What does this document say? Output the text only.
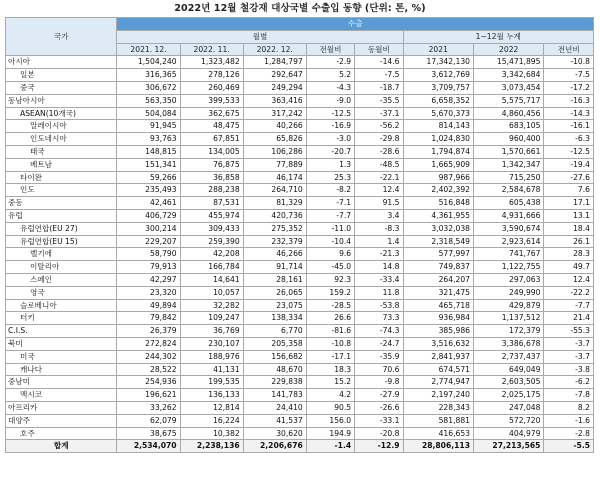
2022년 12월 철강재 대상국별 수출입 동향 (단위: 톤, %)
국가	수출							
	월별					1~12월 누계		
	2021. 12.	2022. 11.	2022. 12.	전월비	동월비	2021	2022	전년비
아시아	1,504,240	1,323,482	1,284,797	-2.9	-14.6	17,342,130	15,471,895	-10.8
일본	316,365	278,126	292,647	5.2	-7.5	3,612,769	3,342,684	-7.5
중국	306,672	260,469	249,294	-4.3	-18.7	3,709,757	3,073,454	-17.2
동남아시아	563,350	399,533	363,416	-9.0	-35.5	6,658,352	5,575,717	-16.3
ASEAN(10개국)	504,084	362,675	317,242	-12.5	-37.1	5,670,373	4,860,456	-14.3
말레이시아	91,945	48,475	40,266	-16.9	-56.2	814,143	683,105	-16.1
인도네시아	93,763	67,851	65,826	-3.0	-29.8	1,024,830	960,400	-6.3
태국	148,815	134,005	106,286	-20.7	-28.6	1,794,874	1,570,661	-12.5
베트남	151,341	76,875	77,889	1.3	-48.5	1,665,909	1,342,347	-19.4
타이완	59,266	36,858	46,174	25.3	-22.1	987,966	715,250	-27.6
인도	235,493	288,238	264,710	-8.2	12.4	2,402,392	2,584,678	7.6
중동	42,461	87,531	81,329	-7.1	91.5	516,848	605,438	17.1
유럽	406,729	455,974	420,736	-7.7	3.4	4,361,955	4,931,666	13.1
유럽연합(EU 27)	300,214	309,433	275,352	-11.0	-8.3	3,032,038	3,590,674	18.4
유럽연합(EU 15)	229,207	259,390	232,379	-10.4	1.4	2,318,549	2,923,614	26.1
벨기에	58,790	42,208	46,266	9.6	-21.3	577,997	741,767	28.3
이탈리아	79,913	166,784	91,714	-45.0	14.8	749,837	1,122,755	49.7
스페인	42,297	14,641	28,161	92.3	-33.4	264,207	297,063	12.4
영국	23,320	10,057	26,065	159.2	11.8	321,475	249,990	-22.2
슬로베니아	49,894	32,282	23,075	-28.5	-53.8	465,718	429,879	-7.7
터키	79,842	109,247	138,334	26.6	73.3	936,984	1,137,512	21.4
C.I.S.	26,379	36,769	6,770	-81.6	-74.3	385,986	172,379	-55.3
북미	272,824	230,107	205,358	-10.8	-24.7	3,516,632	3,386,678	-3.7
미국	244,302	188,976	156,682	-17.1	-35.9	2,841,937	2,737,437	-3.7
캐나다	28,522	41,131	48,670	18.3	70.6	674,571	649,049	-3.8
중남미	254,936	199,535	229,838	15.2	-9.8	2,774,947	2,603,505	-6.2
멕시코	196,621	136,133	141,783	4.2	-27.9	2,197,240	2,025,175	-7.8
아프리카	33,262	12,814	24,410	90.5	-26.6	228,343	247,048	8.2
대양주	62,079	16,224	41,537	156.0	-33.1	581,881	572,720	-1.6
호주	38,675	10,382	30,620	194.9	-20.8	416,653	404,979	-2.8
합계	2,534,070	2,238,136	2,206,676	-1.4	-12.9	28,806,113	27,213,565	-5.5
